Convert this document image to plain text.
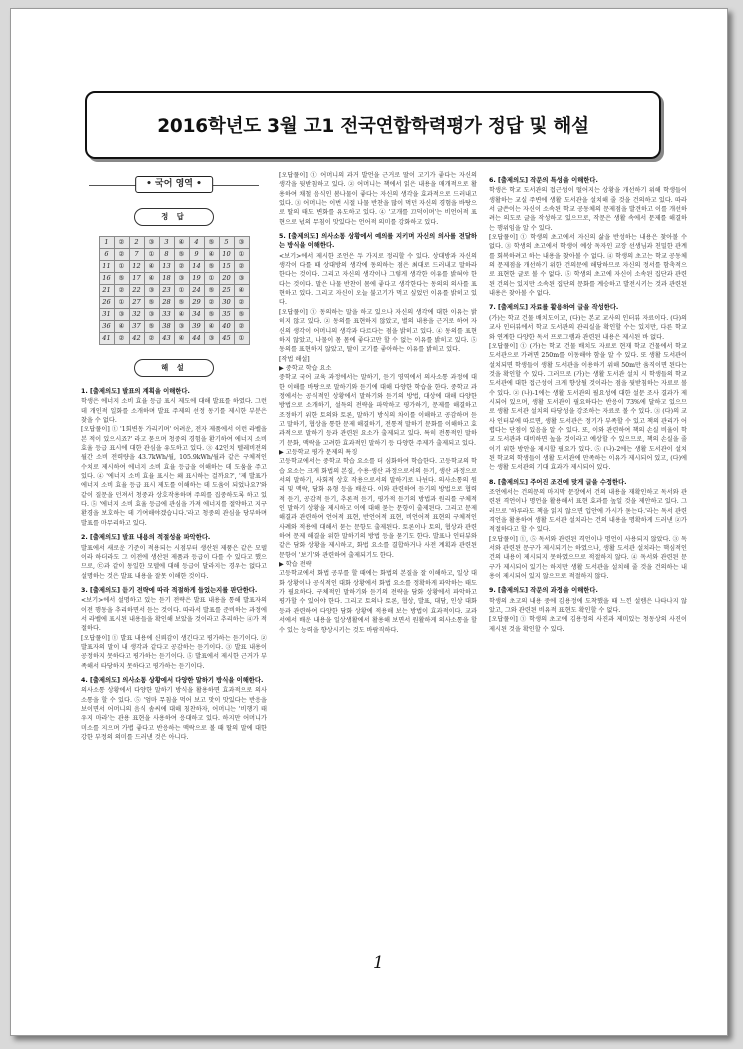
2016학년도 3월 고1 전국연합학력평가 정답 및 해설
• 국어 영역 •
정 답
1	②	2	③	3	④	4	⑤	5	③
6	②	7	①	8	⑤	9	④	10	①
11	①	12	④	13	②	14	⑤	15	②
16	⑤	17	④	18	③	19	①	20	③
21	②	22	③	23	①	24	⑤	25	④
26	①	27	⑤	28	⑤	29	②	30	②
31	③	32	③	33	④	34	⑤	35	⑤
36	④	37	⑤	38	③	39	④	40	②
41	②	42	②	43	④	44	③	45	①
해 설
1. [출제의도] 발표의 계획을 이해한다.
학생은 에너지 소비 효율 등급 표시 제도에 대해 발표를 하였다. 그런데 개인적 일화를 소개하며 발표 주제의 선정 동기를 제시한 부분은 찾을 수 없다.
[오답풀이] ① '1회변동 가리키며' 어려운, 전자 제품에서 이런 라벨을 본 적이 있으시죠?' 라고 묻으며 청중의 경험을 환기하여 에너지 소비 효율 등급 표시에 대한 관심을 유도하고 있다. ③ 42인치 텔레비전의 월간 소비 전력량을 43.7kWh/월, 105.9kWh/월과 같은 구체적인 수치로 제시하여 에너지 소비 효율 등급을 이해하는 데 도움을 주고 있다. ④ '에너지 소비 효율 표시는 왜 표시하는 걸까요?', '제 발표가 에너지 소비 효율 등급 표시 제도를 이해하는 데 도움이 되었나요?'와 같이 질문을 던져서 청중과 상호작용하며 주의를 집중하도록 하고 있다. ⑤ '에너지 소비 효율 등급에 관심을 가져 에너지를 절약하고 지구 환경을 보호하는 데 기여해야겠습니다.'라고 청중의 관심을 당부하며 발표를 마무리하고 있다.
2. [출제의도] 발표 내용의 적절성을 파악한다.
발표에서 새로운 기준이 적용되는 시점부터 생산된 제품은 같은 모델이라 하더라도 그 이전에 생산된 제품과 등급이 다를 수 있다고 했으므로, ㉢과 같이 동일한 모델에 대해 등급이 달라지는 경우는 없다고 설명하는 것은 발표 내용을 잘못 이해한 것이다.
3. [출제의도] 듣기 전략에 따라 적절하게 들었는지를 판단한다.
<보기>에서 설명하고 있는 듣기 전략은 발표 내용을 통해 발표자의 이전 행동을 추리하면서 듣는 것이다. 따라서 발표를 준비하는 과정에서 라벨에 표시된 내용들을 확인해 보았을 것이라고 추리하는 ④가 적절하다.
[오답풀이] ① 발표 내용에 신뢰감이 생긴다고 평가하는 듣기이다. ② 발표자의 말이 내 생각과 같다고 공감하는 듣기이다. ③ 발표 내용이 공정하지 못하다고 평가하는 듣기이다. ⑤ 발표에서 제시한 근거가 부족해서 타당하지 못하다고 평가하는 듣기이다.
4. [출제의도] 의사소통 상황에서 다양한 말하기 방식을 이해한다.
의사소통 상황에서 다양한 말하기 방식을 활용하면 효과적으로 의사소통을 할 수 있다. ⑤ '엄마 무침을 먹어 보고 맛이 맛있다는 반응을 보이면서 어머니의 음식 솜씨에 대해 칭찬하자, 어머니는 '비행기 태우지 마라'는 관용 표현을 사용하여 응대하고 있다. 하지만 어머니가 미소를 지으며 가볍 좋다고 반응하는 맥락으로 볼 때 딸의 말에 대한 강한 부정의 의미를 드러낸 것은 아니다.
[오답풀이] ① 어머니의 과거 발언을 근거로 딸이 고기가 좋다는 자신의 생각을 뒷받침하고 있다. ② 어머니는 책에서 읽은 내용을 매개적으로 활용하여 채철 음식인 봄나물이 좋다는 자신의 생각을 효과적으로 드러내고 있다. ③ 어머니는 이번 시절 나물 반찬을 많이 먹던 자신의 경험을 바탕으로 딸의 태도 변화를 유도하고 있다. ④ '고개를 끄덕이며'는 비언어적 표현으로 넋의 무침이 맛있다는 언어적 의미를 강화하고 있다.
5. [출제의도] 의사소통 상황에서 예의를 지키며 자신의 의사를 전달하는 방식을 이해한다.
<보기>에서 제시한 조언은 두 가지로 정리할 수 있다. 상대방과 자신의 생각이 다를 때 상대방의 생각에 동의하는 점은 최대로 드러내고 말하라 한다는 것이다. 그리고 자신의 생각이나 그렇게 생각한 이유를 밝혀야 한다는 것이다. 말은 나물 반찬이 몸에 좋다고 생각한다는 동의의 의사를 표현하고 있다. 그리고 자신이 오늘 불고기가 먹고 싶었던 이유를 밝히고 있다.
[오답풀이] ① 동의하는 말을 하고 있으나 자신의 생각에 대한 이유는 밝히지 않고 있다. ② 동의를 표현하지 않았고, 별의 내용을 근거로 하여 자신의 생각이 어머니의 생각과 다르다는 점을 밝히고 있다. ④ 동의를 표현하지 않았고, 나물이 몸 몸에 좋다고만 할 수 없는 이유를 밝히고 있다. ⑤ 동의를 표현하지 않았고, 딸이 고기를 좋아하는 이유를 밝히고 있다.
[작법 해설]
▶ 중학교 학습 요소
중학교 국어 교육 과정에서는 말하기, 듣기 영역에서 의사소통 과정에 대한 이해를 바탕으로 말하기와 듣기에 대해 다양한 학습을 한다. 중학교 과정에서는 공식적인 상황에서 말하기와 듣기의 방법, 대상에 대해 다양한 방법으로 소개하기, 설득의 전략을 파악하고 평가하기, 문제를 해결하고 조정하기 위한 토의와 토론, 말하기 방식의 차이를 이해하고 공감하며 듣고 말하기, 협상을 통한 문제 해결하기, 전통적 말하기 문화를 이해하고 효과적으로 말하기 등과 관련된 요소가 출제되고 있다. 특히 전통적인 말하기 문화, 맥락을 고려한 효과적인 말하기 등 다양한 주제가 출제되고 있다.
▶ 고등학교 평가 문제의 특징
고등학교에서는 중학교 학습 요소를 더 심화하여 학습한다. 고등학교의 학습 요소는 크게 화법의 본질, 수용·생산 과정으로서의 듣기, 생산 과정으로서의 말하기, 사회적 상호 작용으로서의 말하기로 나뉜다. 의사소통의 원리 및 맥락, 담화 유형 등을 배운다. 이와 관련하여 듣기의 방법으로 협력적 듣기, 공감적 듣기, 추론적 듣기, 평가적 듣기의 방법과 원리를 구체적인 말하기 상황을 제시하고 이에 대해 묻는 문항이 출제된다. 그리고 문제 해결과 관련하여 언어적 표현, 반언어적 표현, 비언어적 표현의 구체적인 사례와 적용에 대해서 묻는 문항도 출제된다. 토론이나 토의, 협상과 관련하여 문제 해결을 위한 말하기의 방법 등을 묻기도 한다. 발표나 인터뷰와 같은 담화 상황을 제시하고, 화법 요소를 결합하거나 사전 계획과 관련된 문항이 '보기'와 관련하여 출제되기도 한다.
▶ 학습 전략
고등학교에서 화법 공부를 할 때에는 화법의 본질을 잘 이해하고, 일상 대화 상황이나 공식적인 대화 상황에서 화법 요소를 정확하게 파악하는 태도가 필요하다. 구체적인 말하기와 듣기의 전략을 담화 상황에서 파악하고 평가할 수 있어야 한다. 그리고 토의나 토론, 협상, 발표, 대담, 인상 대화 등과 관련하여 다양한 담화 상황에 적용해 보는 방법이 효과적이다. 교과서에서 배운 내용을 일상생활에서 활용해 보면서 원활하게 의사소통을 할 수 있는 능력을 향상시키는 것도 바람직하다.
6. [출제의도] 작문의 특성을 이해한다.
학생은 학교 도서관의 접근성이 떨어지는 상황을 개선하기 위해 학생들이 생활하는 교실 주변에 생활 도서관을 설치해 줄 것을 건의하고 있다. 따라서 글쓴이는 자신이 소속된 학교 공동체의 문제점을 발견하고 이를 개선하려는 의도로 글을 작성하고 있으므로, 작문은 생활 속에서 문제를 해결하는 행위임을 알 수 있다.
[오답풀이] ① 학생의 초고에서 자신의 삶을 반성하는 내용은 찾아볼 수 없다. ③ 학생의 초고에서 학생이 예상 독자인 교장 선생님과 친밀한 관계를 회복하려고 하는 내용을 찾아볼 수 없다. ④ 학생의 초고는 학교 공동체의 문제점을 개선하기 위한 건의문에 해당하므로 자신의 정서를 함축적으로 표현한 글로 볼 수 없다. ⑤ 학생의 초고에 자신이 소속된 집단과 관련된 건의는 있지만 소속된 집단의 문화를 계승하고 발전시키는 것과 관련된 내용은 찾아볼 수 없다.
7. [출제의도] 자료를 활용하여 글을 작성한다.
(가)는 학교 건물 배치도이고, (다)는 본교 교사의 인터뷰 자료이다. (다)의 교사 인터뷰에서 학교 도서관의 관리실을 확인할 수는 있지만, 다른 학교와 연계한 다양한 독서 프로그램과 관련된 내용은 제시된 바 없다.
[오답풀이] ① (가)는 학교 건물 배치도 자료로 현재 학교 건물에서 학교 도서관으로 가려면 250m를 이동해야 함을 알 수 있다. 또 생활 도서관이 설치되면 학생들이 생활 도서관을 이용하기 위해 50m만 움직이면 된다는 것을 확인할 수 있다. 그러므로 (가)는 생활 도서관 설치 시 학생들의 학교 도서관에 대한 접근성이 크게 향상될 것이라는 점을 뒷받침하는 자료로 볼 수 있다. ② (나)-1에는 생활 도서관의 필요성에 대한 설문 조사 결과가 제시되어 있으며, 생활 도서관이 필요하다는 반응이 73%에 달하고 있으므로 생활 도서관 설치의 타당성을 강조하는 자료로 볼 수 있다. ③ (다)의 교사 인터뷰에 따르면, 생활 도서관은 정기가 부족할 수 있고 책의 관리가 어렵다는 단점이 있음을 알 수 있다. 또, 이와 관련하여 책의 손실 비율이 학교 도서관과 대비하면 높을 것이라고 예상할 수 있으므로, 책의 손실을 줄이기 위한 방안을 제시할 필요가 있다. ⑤ (나)-2에는 생활 도서관이 설치된 학교의 학생들이 생활 도서관에 만족하는 이유가 제시되어 있고, (다)에는 생활 도서관의 기대 효과가 제시되어 있다.
8. [출제의도] 주어진 조건에 맞게 글을 수정한다.
조언에서는 건의문의 마지막 문장에서 건의 내용을 재확인하고 독서와 관련된 격언이나 명언을 활용해서 표현 효과를 높일 것을 제안하고 있다. 그러므로 '하루라도 책을 읽지 않으면 입안에 가시가 돋는다.'라는 독서 관련 격언을 활용하여 생활 도서관 설치라는 건의 내용을 명확하게 드러낸 ②가 적절하다고 할 수 있다.
[오답풀이] ①, ⑤ 독서와 관련된 격언이나 명언이 사용되지 않았다. ③ 독서와 관련된 문구가 제시되기는 하였으나, 생활 도서관 설치라는 핵심적인 건의 내용이 제시되지 못하였으므로 적절하지 않다. ④ 독서와 관련된 문구가 제시되어 있기는 하지만 생활 도서관을 설치해 줄 것을 건의하는 내용이 제시되어 있지 않으므로 적절하지 않다.
9. [출제의도] 작문의 과정을 이해한다.
학생의 초고의 내용 중에 김용정에 도착했을 때 느낀 설렘은 나타나지 않았고, 그와 관련된 비유적 표현도 확인할 수 없다.
[오답풀이] ① 학생의 초고에 김용정의 사진과 제미있는 청동상의 사진이 제시된 것을 확인할 수 있다.
1
